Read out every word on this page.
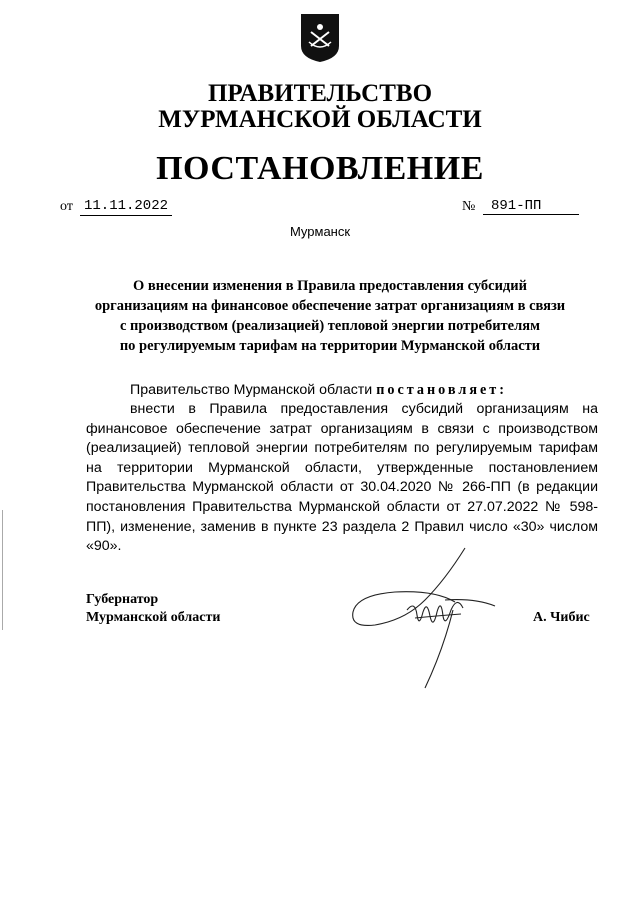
ПРАВИТЕЛЬСТВО
МУРМАНСКОЙ ОБЛАСТИ
ПОСТАНОВЛЕНИЕ
от 11.11.2022	№	891-ПП
Мурманск
О внесении изменения в Правила предоставления субсидий
организациям на финансовое обеспечение затрат организациям в связи
с производством (реализацией) тепловой энергии потребителям
по регулируемым тарифам на территории Мурманской области
Правительство Мурманской области постановляет:
внести в Правила предоставления субсидий организациям на финансовое обеспечение затрат организациям в связи с производством (реализацией) тепловой энергии потребителям по регулируемым тарифам на территории Мурманской области, утвержденные постановлением Правительства Мурманской области от 30.04.2020 № 266-ПП (в редакции постановления Правительства Мурманской области от 27.07.2022 № 598-ПП), изменение, заменив в пункте 23 раздела 2 Правил число «30» числом «90».
Губернатор
Мурманской области	А. Чибис
